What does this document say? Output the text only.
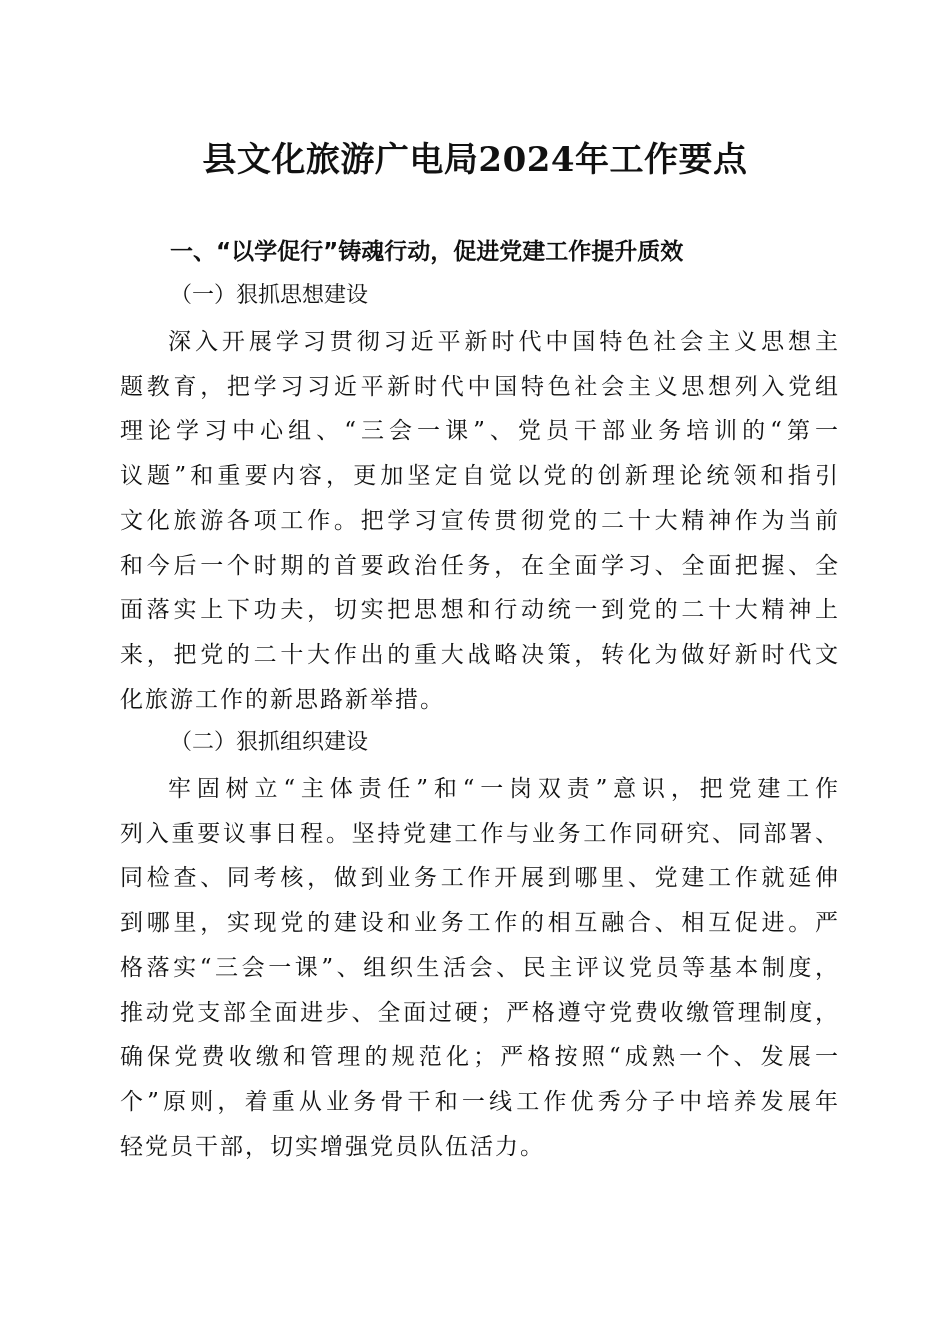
县文化旅游广电局2024年工作要点
一、“以学促行”铸魂行动，促进党建工作提升质效
（一）狠抓思想建设
深入开展学习贯彻习近平新时代中国特色社会主义思想主
题教育，把学习习近平新时代中国特色社会主义思想列入党组
理论学习中心组、“三会一课”、党员干部业务培训的“第一
议题”和重要内容，更加坚定自觉以党的创新理论统领和指引
文化旅游各项工作。把学习宣传贯彻党的二十大精神作为当前
和今后一个时期的首要政治任务，在全面学习、全面把握、全
面落实上下功夫，切实把思想和行动统一到党的二十大精神上
来，把党的二十大作出的重大战略决策，转化为做好新时代文
化旅游工作的新思路新举措。
（二）狠抓组织建设
牢固树立“主体责任”和“一岗双责”意识，把党建工作
列入重要议事日程。坚持党建工作与业务工作同研究、同部署、
同检查、同考核，做到业务工作开展到哪里、党建工作就延伸
到哪里，实现党的建设和业务工作的相互融合、相互促进。严
格落实“三会一课”、组织生活会、民主评议党员等基本制度，
推动党支部全面进步、全面过硬；严格遵守党费收缴管理制度，
确保党费收缴和管理的规范化；严格按照“成熟一个、发展一
个”原则，着重从业务骨干和一线工作优秀分子中培养发展年
轻党员干部，切实增强党员队伍活力。
